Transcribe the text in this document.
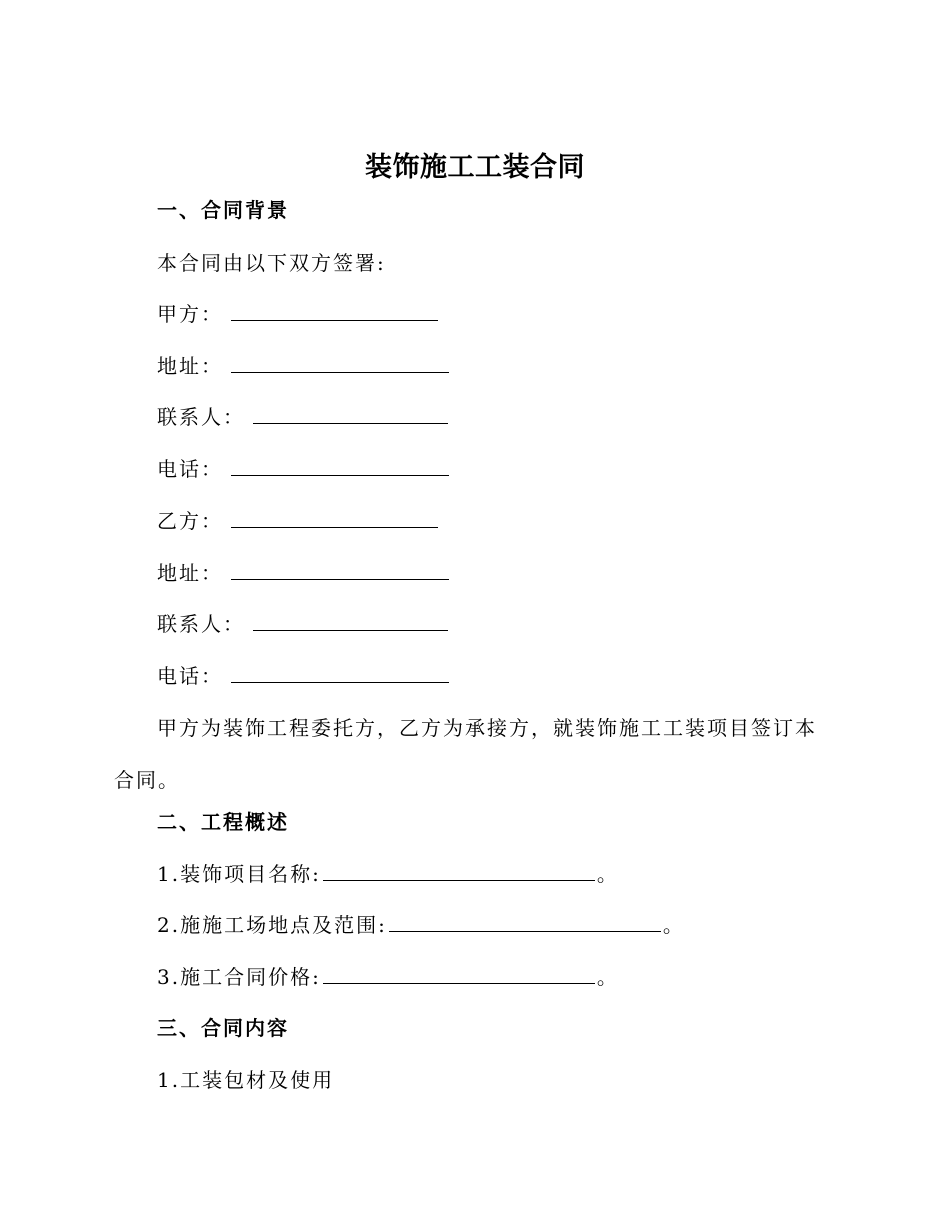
装饰施工工装合同
一、合同背景
本合同由以下双方签署:
甲方：
地址：
联系人：
电话：
乙方：
地址：
联系人：
电话：
甲方为装饰工程委托方，乙方为承接方，就装饰施工工装项目签订本合同。
二、工程概述
1.装饰项目名称:	。
2.施施工场地点及范围:	。
3.施工合同价格:	。
三、合同内容
1.工装包材及使用
